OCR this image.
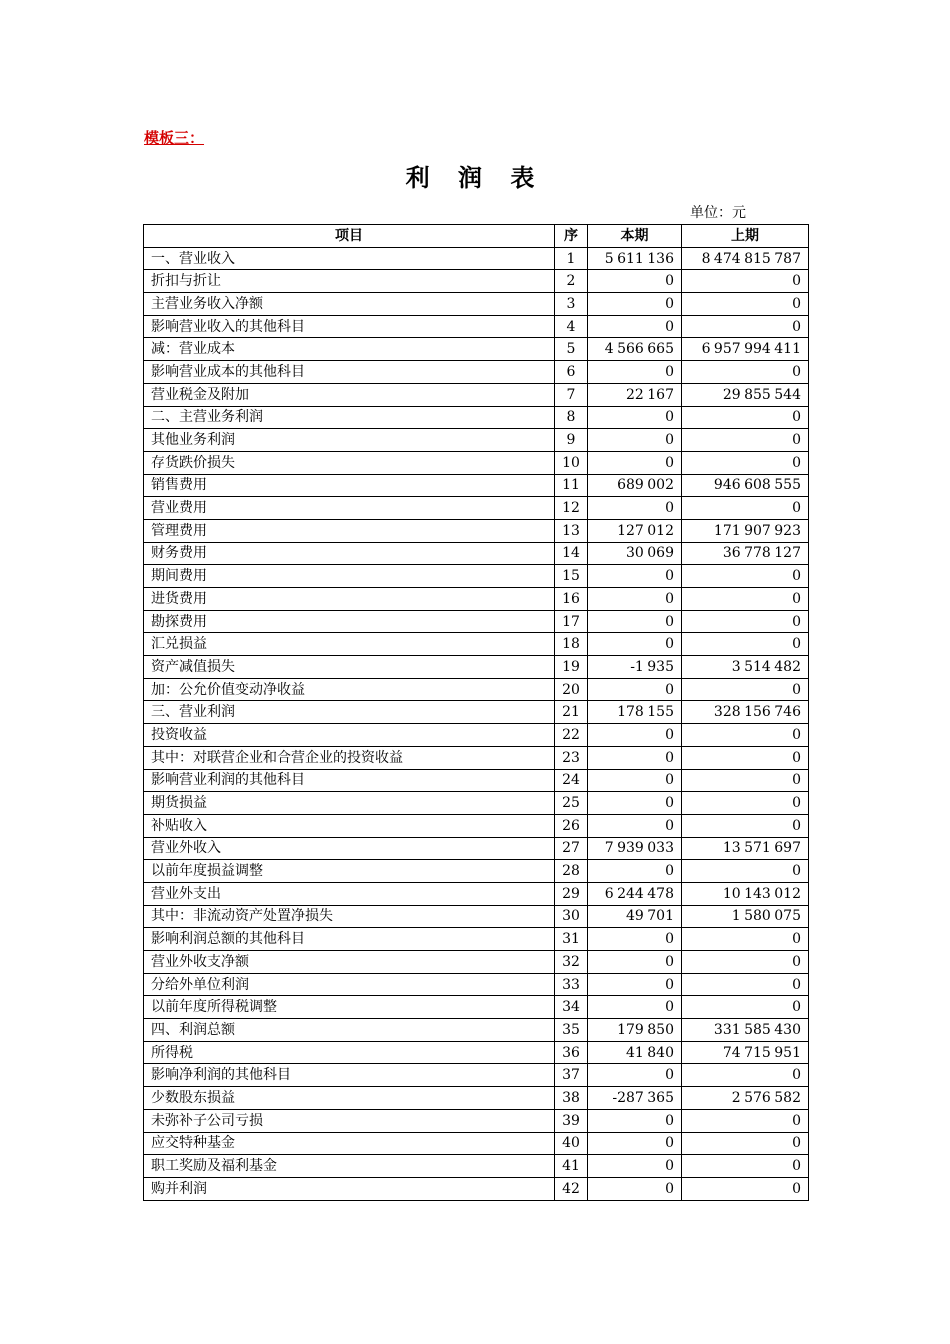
模板三：
利 润 表
单位：元
项目	序	本期	上期
一、营业收入	1	5 611 136	8 474 815 787
折扣与折让	2	0	0
主营业务收入净额	3	0	0
影响营业收入的其他科目	4	0	0
减：营业成本	5	4 566 665	6 957 994 411
影响营业成本的其他科目	6	0	0
营业税金及附加	7	22 167	29 855 544
二、主营业务利润	8	0	0
其他业务利润	9	0	0
存货跌价损失	10	0	0
销售费用	11	689 002	946 608 555
营业费用	12	0	0
管理费用	13	127 012	171 907 923
财务费用	14	30 069	36 778 127
期间费用	15	0	0
进货费用	16	0	0
勘探费用	17	0	0
汇兑损益	18	0	0
资产减值损失	19	-1 935	3 514 482
加：公允价值变动净收益	20	0	0
三、营业利润	21	178 155	328 156 746
投资收益	22	0	0
其中：对联营企业和合营企业的投资收益	23	0	0
影响营业利润的其他科目	24	0	0
期货损益	25	0	0
补贴收入	26	0	0
营业外收入	27	7 939 033	13 571 697
以前年度损益调整	28	0	0
营业外支出	29	6 244 478	10 143 012
其中：非流动资产处置净损失	30	49 701	1 580 075
影响利润总额的其他科目	31	0	0
营业外收支净额	32	0	0
分给外单位利润	33	0	0
以前年度所得税调整	34	0	0
四、利润总额	35	179 850	331 585 430
所得税	36	41 840	74 715 951
影响净利润的其他科目	37	0	0
少数股东损益	38	-287 365	2 576 582
未弥补子公司亏损	39	0	0
应交特种基金	40	0	0
职工奖励及福利基金	41	0	0
购并利润	42	0	0
